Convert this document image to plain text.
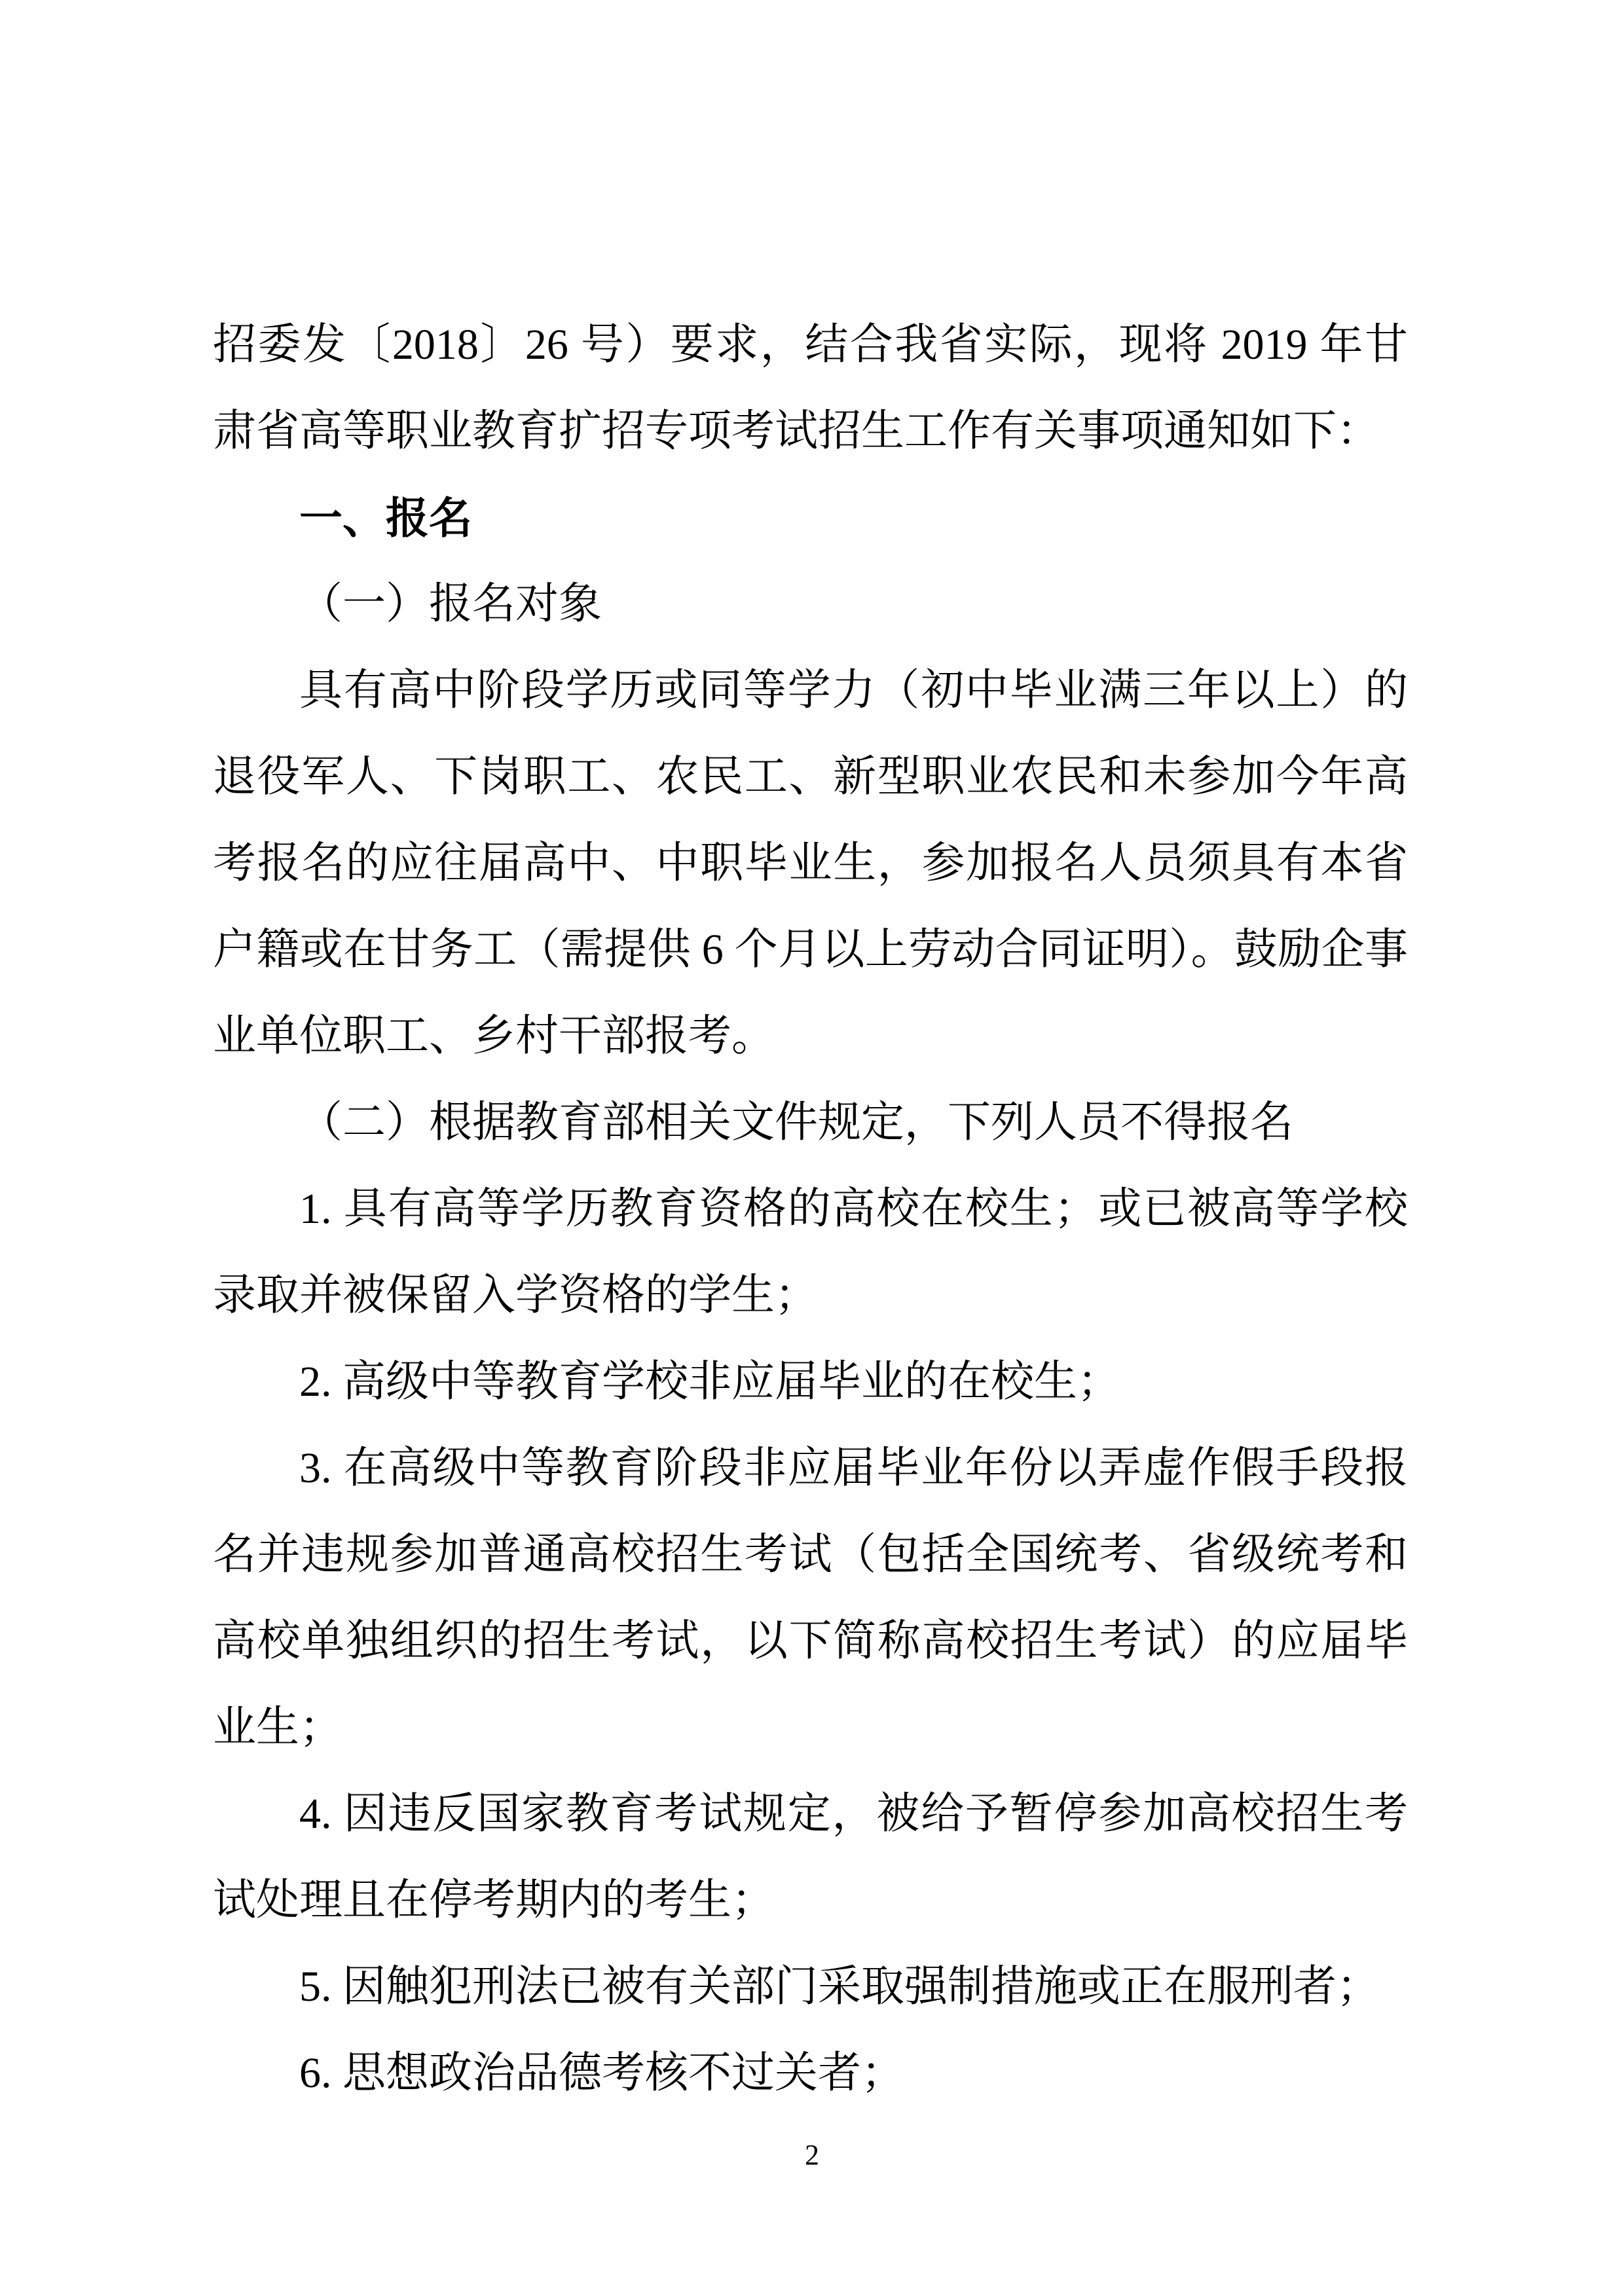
招委发〔2018〕26 号）要求，结合我省实际，现将 2019 年甘肃省高等职业教育扩招专项考试招生工作有关事项通知如下：

一、报名

（一）报名对象

具有高中阶段学历或同等学力（初中毕业满三年以上）的退役军人、下岗职工、农民工、新型职业农民和未参加今年高考报名的应往届高中、中职毕业生，参加报名人员须具有本省户籍或在甘务工（需提供 6 个月以上劳动合同证明）。鼓励企事业单位职工、乡村干部报考。

（二）根据教育部相关文件规定，下列人员不得报名

1. 具有高等学历教育资格的高校在校生；或已被高等学校录取并被保留入学资格的学生；

2. 高级中等教育学校非应届毕业的在校生；

3. 在高级中等教育阶段非应届毕业年份以弄虚作假手段报名并违规参加普通高校招生考试（包括全国统考、省级统考和高校单独组织的招生考试，以下简称高校招生考试）的应届毕业生；

4. 因违反国家教育考试规定，被给予暂停参加高校招生考试处理且在停考期内的考生；

5. 因触犯刑法已被有关部门采取强制措施或正在服刑者；

6. 思想政治品德考核不过关者；

2
